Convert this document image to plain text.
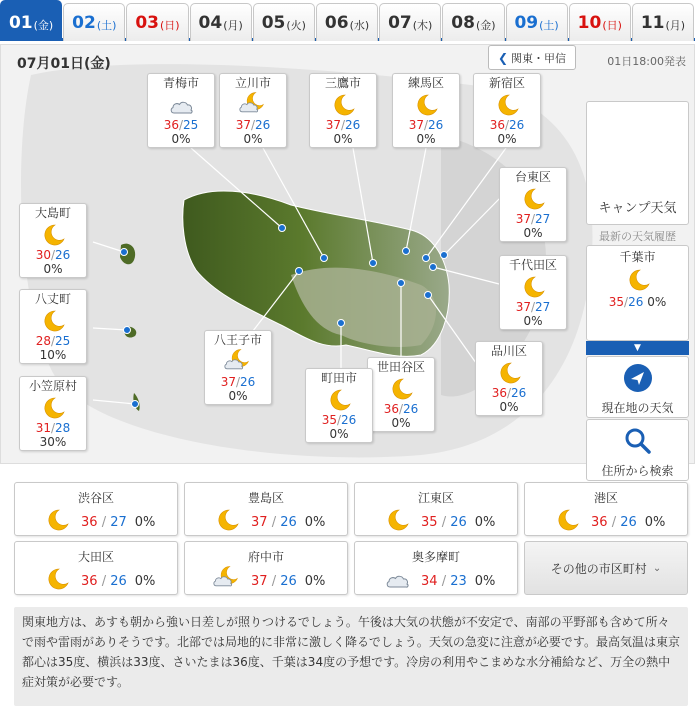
01 (金) 02 (土) 03 (日) 04 (月) 05 (火) 06 (水) 07 (木) 08 (金) 09 (土) 10 (日) 11 (月)
07月01日(金)	01日18:00発表
❮ 関東・甲信
青梅市
36/25
0%
立川市
37/26
0%
三鷹市
37/26
0%
練馬区
37/26
0%
新宿区
36/26
0%
台東区
37/27
0%
千代田区
37/27
0%
品川区
36/26
0%
世田谷区
36/26
0%
町田市
35/26
0%
八王子市
37/26
0%
大島町
30/26
0%
八丈町
28/25
10%
小笠原村
31/28
30%
キャンプ天気
最新の天気履歴
千葉市
35/26 0%
▼
現在地の天気
住所から検索
渋谷区
36 / 27 0%
豊島区
37 / 26 0%
江東区
35 / 26 0%
港区
36 / 26 0%
大田区
36 / 26 0%
府中市
37 / 26 0%
奥多摩町
34 / 23 0%
その他の市区町村 ⌄
関東地方は、あすも朝から強い日差しが照りつけるでしょう。午後は大気の状態が不安定で、南部の平野部も含めて所々で雨や雷雨がありそうです。北部では局地的に非常に激しく降るでしょう。天気の急変に注意が必要です。最高気温は東京都心は35度、横浜は33度、さいたまは36度、千葉は34度の予想です。冷房の利用やこまめな水分補給など、万全の熱中症対策が必要です。
